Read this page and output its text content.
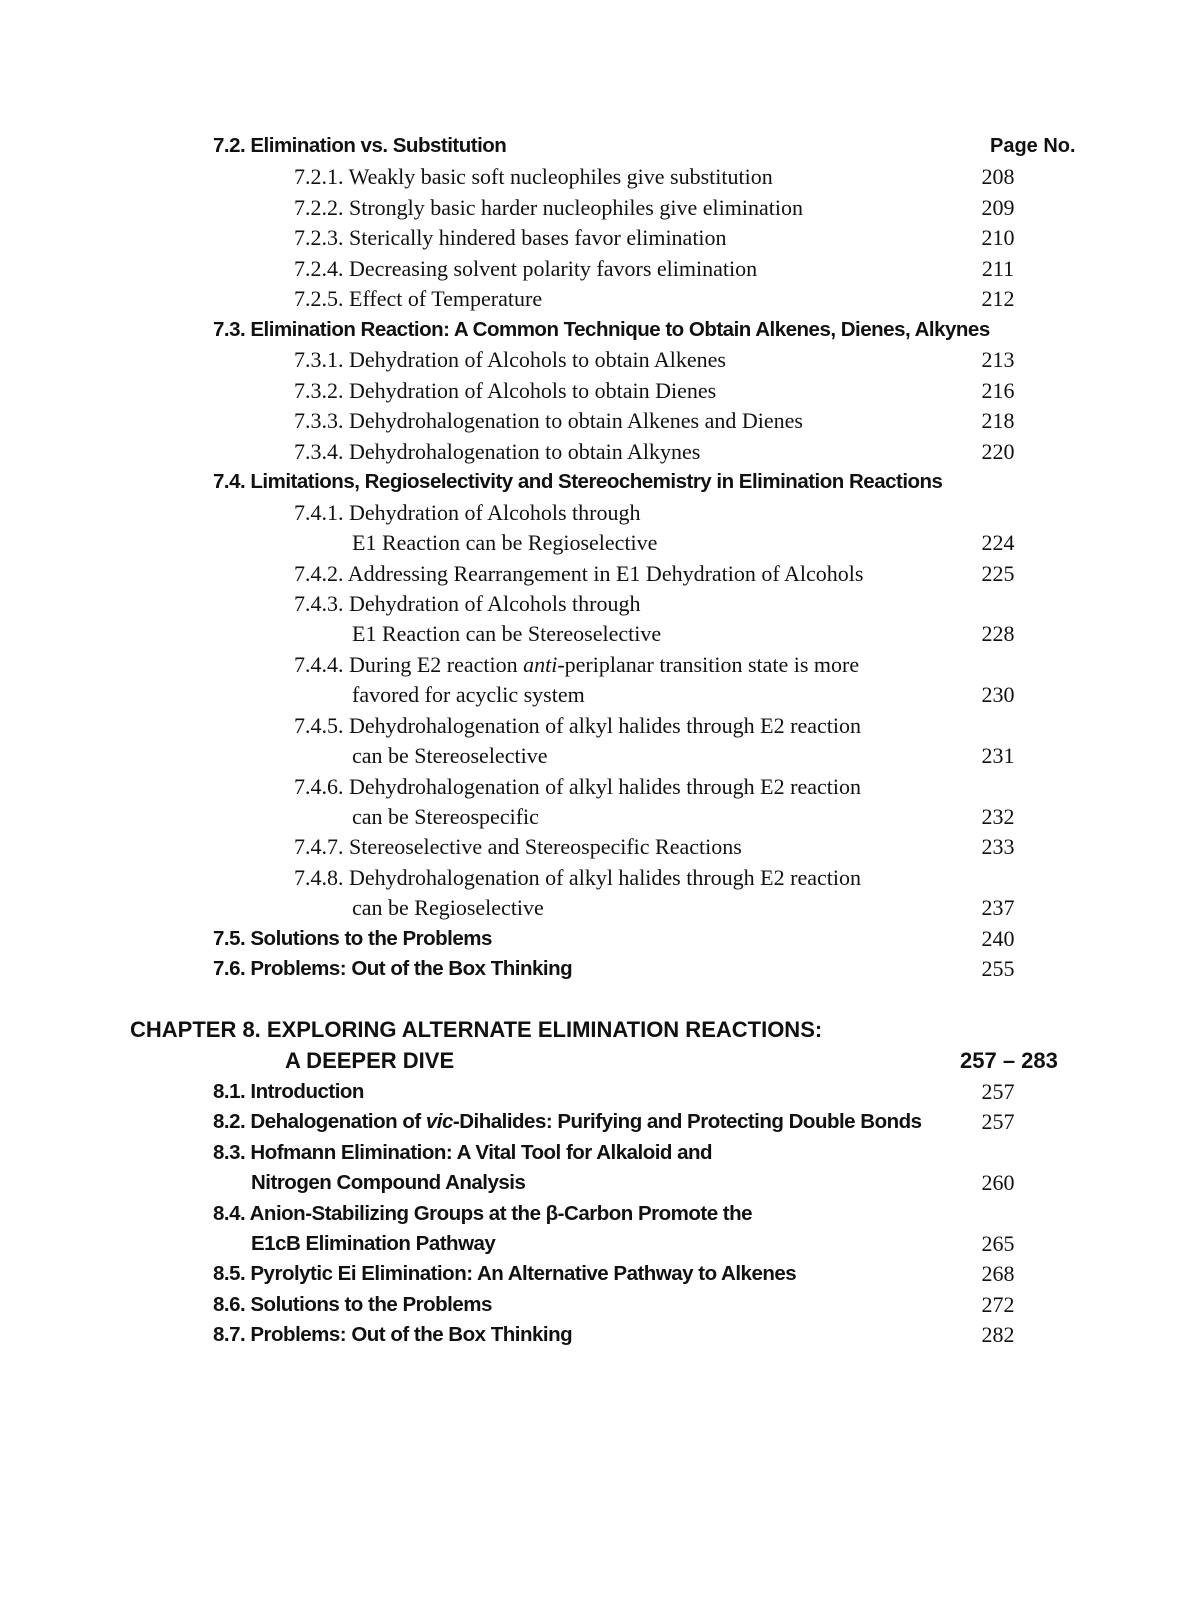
7.2. Elimination vs. Substitution	Page No.
7.2.1. Weakly basic soft nucleophiles give substitution	208
7.2.2. Strongly basic harder nucleophiles give elimination	209
7.2.3. Sterically hindered bases favor elimination	210
7.2.4. Decreasing solvent polarity favors elimination	211
7.2.5. Effect of Temperature	212
7.3. Elimination Reaction: A Common Technique to Obtain Alkenes, Dienes, Alkynes
7.3.1. Dehydration of Alcohols to obtain Alkenes	213
7.3.2. Dehydration of Alcohols to obtain Dienes	216
7.3.3. Dehydrohalogenation to obtain Alkenes and Dienes	218
7.3.4. Dehydrohalogenation to obtain Alkynes	220
7.4. Limitations, Regioselectivity and Stereochemistry in Elimination Reactions
7.4.1. Dehydration of Alcohols through
E1 Reaction can be Regioselective	224
7.4.2. Addressing Rearrangement in E1 Dehydration of Alcohols	225
7.4.3. Dehydration of Alcohols through
E1 Reaction can be Stereoselective	228
7.4.4. During E2 reaction anti-periplanar transition state is more
favored for acyclic system	230
7.4.5. Dehydrohalogenation of alkyl halides through E2 reaction
can be Stereoselective	231
7.4.6. Dehydrohalogenation of alkyl halides through E2 reaction
can be Stereospecific	232
7.4.7. Stereoselective and Stereospecific Reactions	233
7.4.8. Dehydrohalogenation of alkyl halides through E2 reaction
can be Regioselective	237
7.5. Solutions to the Problems	240
7.6. Problems: Out of the Box Thinking	255
CHAPTER 8. EXPLORING ALTERNATE ELIMINATION REACTIONS:
A DEEPER DIVE	257 – 283
8.1. Introduction	257
8.2. Dehalogenation of vic-Dihalides: Purifying and Protecting Double Bonds	257
8.3. Hofmann Elimination: A Vital Tool for Alkaloid and
Nitrogen Compound Analysis	260
8.4. Anion-Stabilizing Groups at the β-Carbon Promote the
E1cB Elimination Pathway	265
8.5. Pyrolytic Ei Elimination: An Alternative Pathway to Alkenes	268
8.6. Solutions to the Problems	272
8.7. Problems: Out of the Box Thinking	282
